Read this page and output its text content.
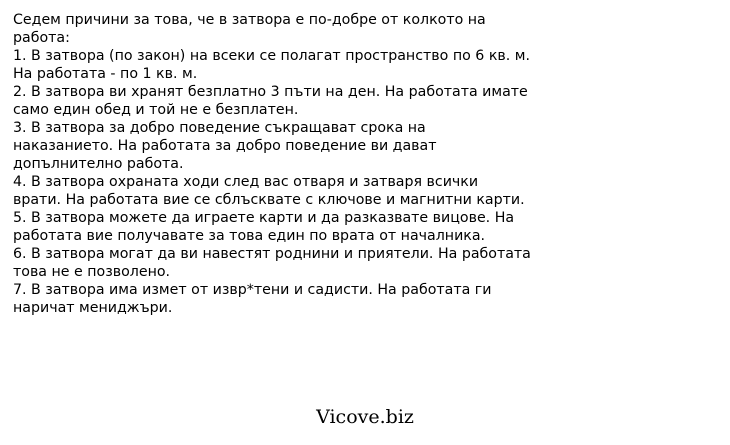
Седем причини за това, че в затвора е по-добре от колкото на
работа:
1. В затвора (по закон) на всеки се полагат пространство по 6 кв. м.
На работата - по 1 кв. м.
2. В затвора ви хранят безплатно 3 пъти на ден. На работата имате
само един обед и той не е безплатен.
3. В затвора за добро поведение съкращават срока на
наказанието. На работата за добро поведение ви дават
допълнително работа.
4. В затвора охраната ходи след вас отваря и затваря всички
врати. На работата вие се сблъсквате с ключове и магнитни карти.
5. В затвора можете да играете карти и да разказвате вицове. На
работата вие получавате за това един по врата от началника.
6. В затвора могат да ви навестят роднини и приятели. На работата
това не е позволено.
7. В затвора има измет от извр*тени и садисти. На работата ги
наричат мениджъри.
Vicove.biz
